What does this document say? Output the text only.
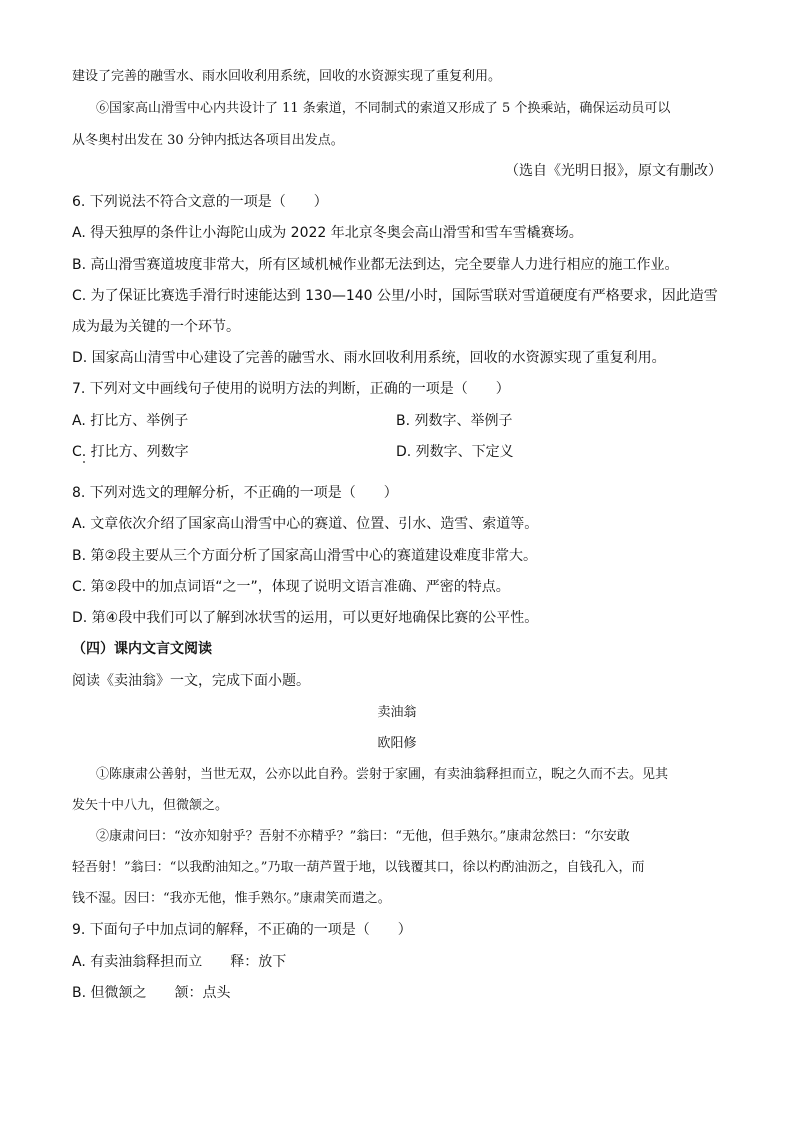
建设了完善的融雪水、雨水回收利用系统，回收的水资源实现了重复利用。
⑥国家高山滑雪中心内共设计了 11 条索道，不同制式的索道又形成了 5 个换乘站，确保运动员可以
从冬奥村出发在 30 分钟内抵达各项目出发点。
（选自《光明日报》，原文有删改）
6. 下列说法不符合文意的一项是（　　）
A. 得天独厚的条件让小海陀山成为 2022 年北京冬奥会高山滑雪和雪车雪橇赛场。
B. 高山滑雪赛道坡度非常大，所有区域机械作业都无法到达，完全要靠人力进行相应的施工作业。
C. 为了保证比赛选手滑行时速能达到 130—140 公里/小时，国际雪联对雪道硬度有严格要求，因此造雪
成为最为关键的一个环节。
D. 国家高山清雪中心建设了完善的融雪水、雨水回收利用系统，回收的水资源实现了重复利用。
7. 下列对文中画线句子使用的说明方法的判断，正确的一项是（　　）
A. 打比方、举例子	B. 列数字、举例子
C. 打比方、列数字	D. 列数字、下定义
8. 下列对选文的理解分析，不正确的一项是（　　）
A. 文章依次介绍了国家高山滑雪中心的赛道、位置、引水、造雪、索道等。
B. 第②段主要从三个方面分析了国家高山滑雪中心的赛道建设难度非常大。
C. 第②段中的加点词语“之一”，体现了说明文语言准确、严密的特点。
D. 第④段中我们可以了解到冰状雪的运用，可以更好地确保比赛的公平性。
（四）课内文言文阅读
阅读《卖油翁》一文，完成下面小题。
卖油翁
欧阳修
①陈康肃公善射，当世无双，公亦以此自矜。尝射于家圃，有卖油翁释担而立，睨之久而不去。见其
发矢十中八九，但微颔之。
②康肃问曰：“汝亦知射乎？吾射不亦精乎？”翁曰：“无他，但手熟尔。”康肃忿然曰：“尔安敢
轻吾射！”翁曰：“以我酌油知之。”乃取一葫芦置于地，以钱覆其口，徐以杓酌油沥之，自钱孔入，而
钱不湿。因曰：“我亦无他，惟手熟尔。”康肃笑而遣之。
9. 下面句子中加点词的解释，不正确的一项是（　　）
A. 有卖油翁释担而立　　释：放下
B. 但微颔之　　颔：点头
